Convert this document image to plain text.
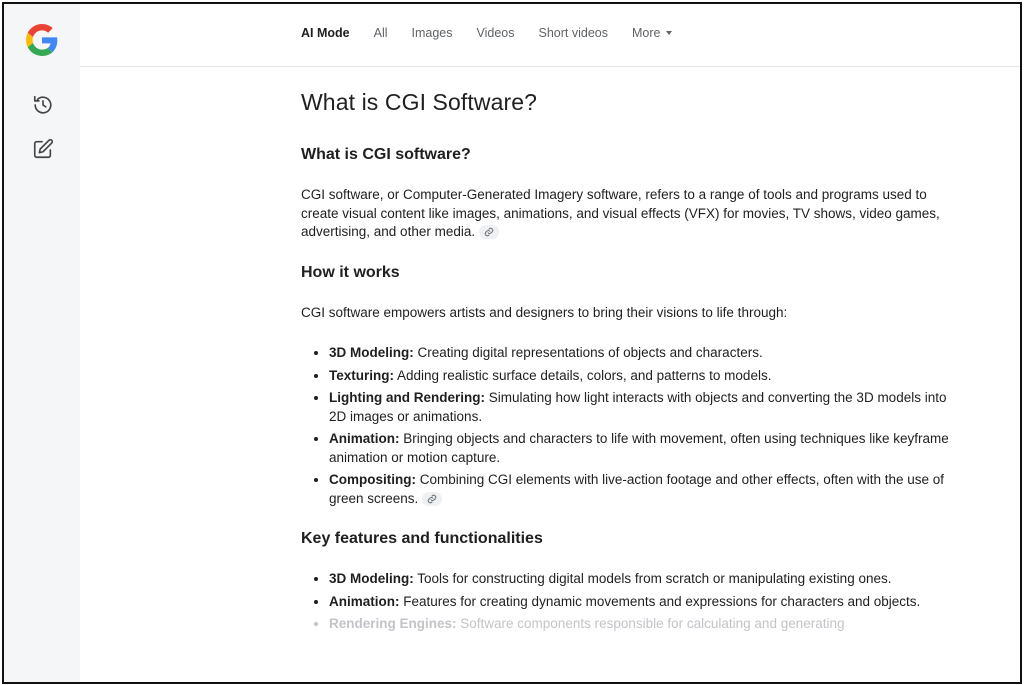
AI Mode All Images Videos Short videos More
What is CGI Software?
What is CGI software?

CGI software, or Computer-Generated Imagery software, refers to a range of tools and programs used to create visual content like images, animations, and visual effects (VFX) for movies, TV shows, video games, advertising, and other media.

How it works

CGI software empowers artists and designers to bring their visions to life through:

• 3D Modeling: Creating digital representations of objects and characters.
• Texturing: Adding realistic surface details, colors, and patterns to models.
• Lighting and Rendering: Simulating how light interacts with objects and converting the 3D models into 2D images or animations.
• Animation: Bringing objects and characters to life with movement, often using techniques like keyframe animation or motion capture.
• Compositing: Combining CGI elements with live-action footage and other effects, often with the use of green screens.
Key features and functionalities
• 3D Modeling: Tools for constructing digital models from scratch or manipulating existing ones.
• Animation: Features for creating dynamic movements and expressions for characters and objects.
• Rendering Engines: Software components responsible for calculating and generating
